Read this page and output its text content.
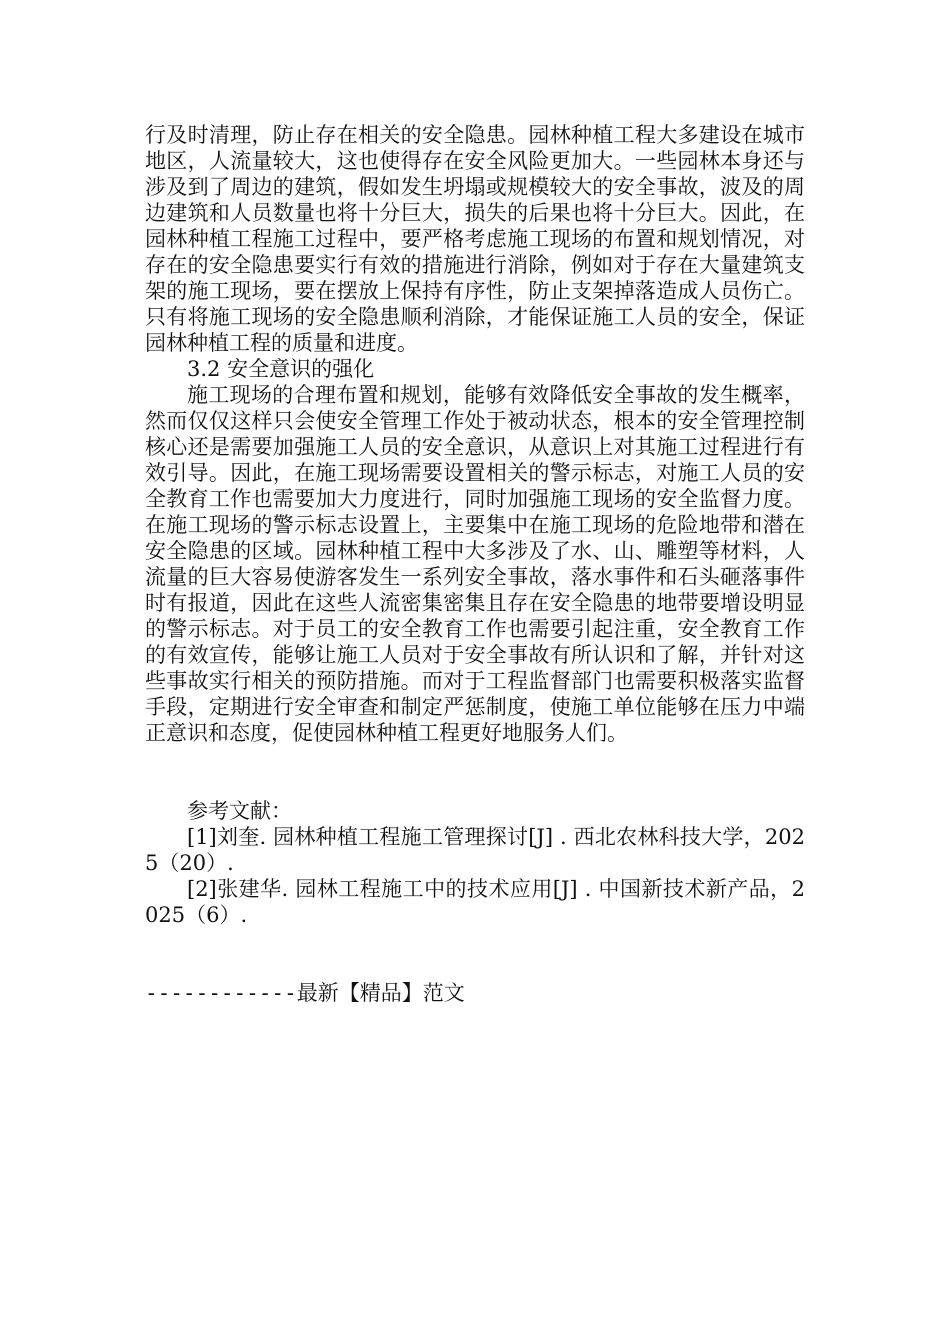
行及时清理，防止存在相关的安全隐患。园林种植工程大多建设在城市地区，人流量较大，这也使得存在安全风险更加大。一些园林本身还与涉及到了周边的建筑，假如发生坍塌或规模较大的安全事故，波及的周边建筑和人员数量也将十分巨大，损失的后果也将十分巨大。因此，在园林种植工程施工过程中，要严格考虑施工现场的布置和规划情况，对存在的安全隐患要实行有效的措施进行消除，例如对于存在大量建筑支架的施工现场，要在摆放上保持有序性，防止支架掉落造成人员伤亡。只有将施工现场的安全隐患顺利消除，才能保证施工人员的安全，保证园林种植工程的质量和进度。

3.2 安全意识的强化

施工现场的合理布置和规划，能够有效降低安全事故的发生概率，然而仅仅这样只会使安全管理工作处于被动状态，根本的安全管理控制核心还是需要加强施工人员的安全意识，从意识上对其施工过程进行有效引导。因此，在施工现场需要设置相关的警示标志，对施工人员的安全教育工作也需要加大力度进行，同时加强施工现场的安全监督力度。在施工现场的警示标志设置上，主要集中在施工现场的危险地带和潜在安全隐患的区域。园林种植工程中大多涉及了水、山、雕塑等材料，人流量的巨大容易使游客发生一系列安全事故，落水事件和石头砸落事件时有报道，因此在这些人流密集密集且存在安全隐患的地带要增设明显的警示标志。对于员工的安全教育工作也需要引起注重，安全教育工作的有效宣传，能够让施工人员对于安全事故有所认识和了解，并针对这些事故实行相关的预防措施。而对于工程监督部门也需要积极落实监督手段，定期进行安全审查和制定严惩制度，使施工单位能够在压力中端正意识和态度，促使园林种植工程更好地服务人们。

参考文献：

[1]刘奎. 园林种植工程施工管理探讨[J] . 西北农林科技大学，2025（20）.

[2]张建华. 园林工程施工中的技术应用[J] . 中国新技术新产品，2025（6）.

------------最新【精品】范文
